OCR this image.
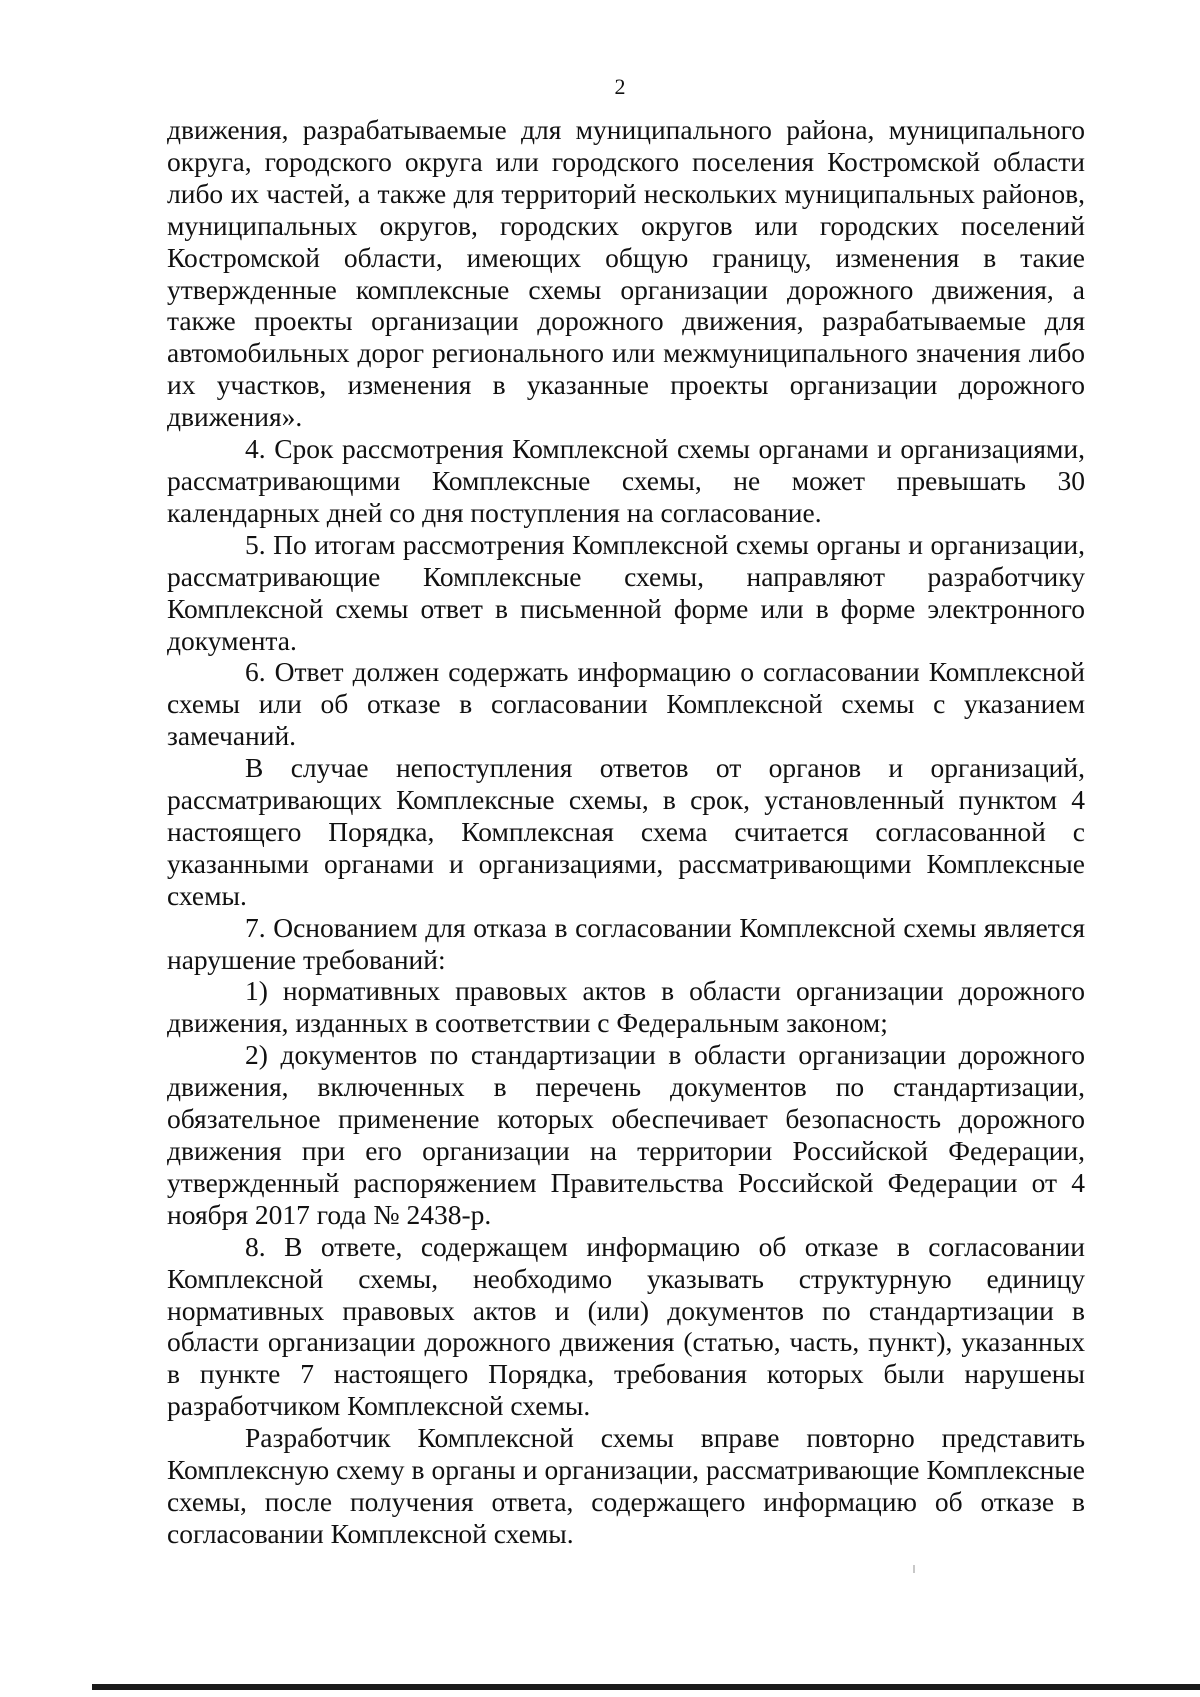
2

движения, разрабатываемые для муниципального района, муниципального округа, городского округа или городского поселения Костромской области либо их частей, а также для территорий нескольких муниципальных районов, муниципальных округов, городских округов или городских поселений Костромской области, имеющих общую границу, изменения в такие утвержденные комплексные схемы организации дорожного движения, а также проекты организации дорожного движения, разрабатываемые для автомобильных дорог регионального или межмуниципального значения либо их участков, изменения в указанные проекты организации дорожного движения».

4. Срок рассмотрения Комплексной схемы органами и организациями, рассматривающими Комплексные схемы, не может превышать 30 календарных дней со дня поступления на согласование.

5. По итогам рассмотрения Комплексной схемы органы и организации, рассматривающие Комплексные схемы, направляют разработчику Комплексной схемы ответ в письменной форме или в форме электронного документа.

6. Ответ должен содержать информацию о согласовании Комплексной схемы или об отказе в согласовании Комплексной схемы с указанием замечаний.

В случае непоступления ответов от органов и организаций, рассматривающих Комплексные схемы, в срок, установленный пунктом 4 настоящего Порядка, Комплексная схема считается согласованной с указанными органами и организациями, рассматривающими Комплексные схемы.

7. Основанием для отказа в согласовании Комплексной схемы является нарушение требований:

1) нормативных правовых актов в области организации дорожного движения, изданных в соответствии с Федеральным законом;

2) документов по стандартизации в области организации дорожного движения, включенных в перечень документов по стандартизации, обязательное применение которых обеспечивает безопасность дорожного движения при его организации на территории Российской Федерации, утвержденный распоряжением Правительства Российской Федерации от 4 ноября 2017 года № 2438-р.

8. В ответе, содержащем информацию об отказе в согласовании Комплексной схемы, необходимо указывать структурную единицу нормативных правовых актов и (или) документов по стандартизации в области организации дорожного движения (статью, часть, пункт), указанных в пункте 7 настоящего Порядка, требования которых были нарушены разработчиком Комплексной схемы.

Разработчик Комплексной схемы вправе повторно представить Комплексную схему в органы и организации, рассматривающие Комплексные схемы, после получения ответа, содержащего информацию об отказе в согласовании Комплексной схемы.
